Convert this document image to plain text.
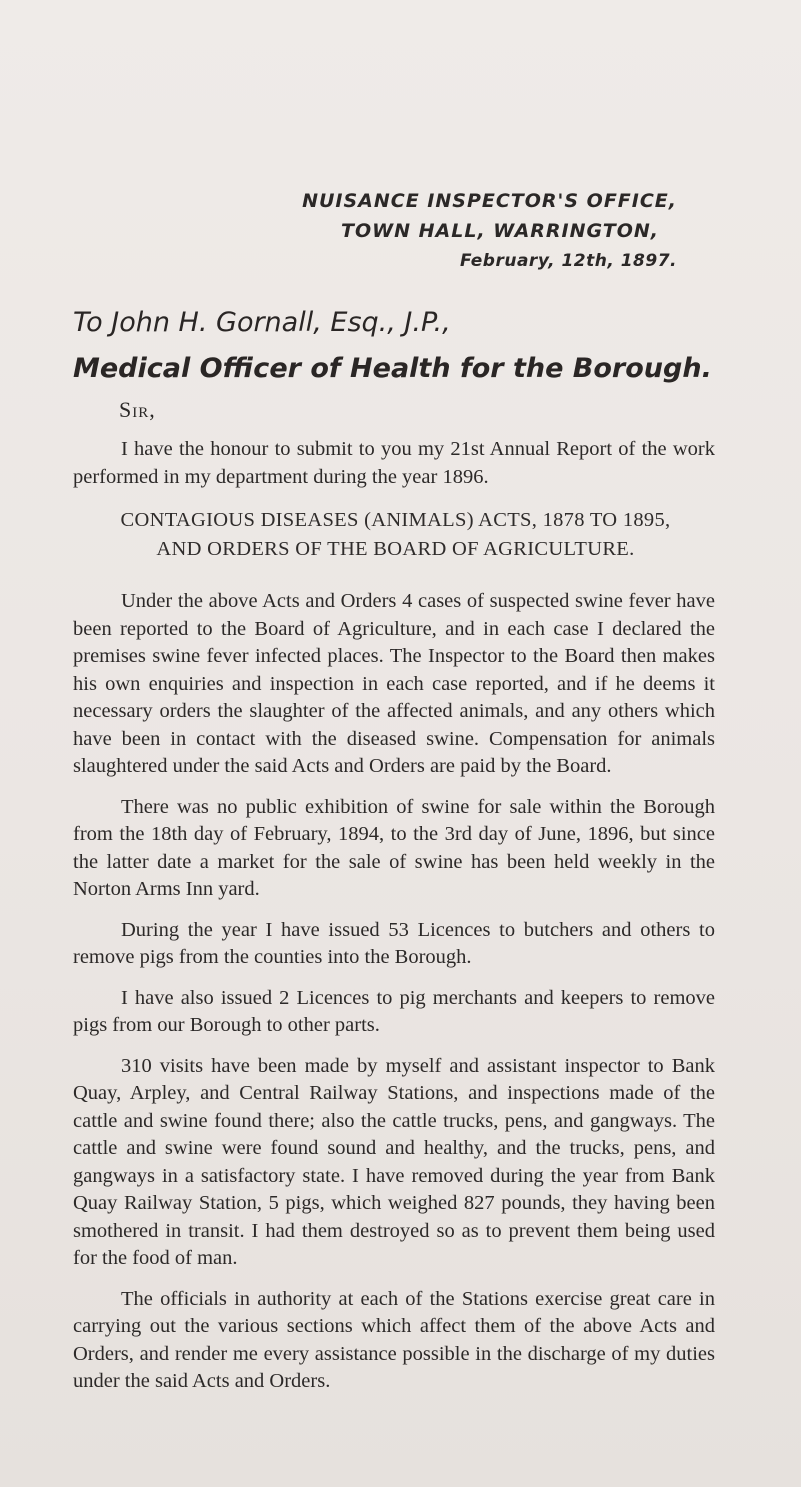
NUISANCE INSPECTOR'S OFFICE,
TOWN HALL, WARRINGTON,
February, 12th, 1897.
To John H. Gornall, Esq., J.P.,
Medical Officer of Health for the Borough.
Sir,

I have the honour to submit to you my 21st Annual Report of the work performed in my department during the year 1896.

CONTAGIOUS DISEASES (ANIMALS) ACTS, 1878 TO 1895,
AND ORDERS OF THE BOARD OF AGRICULTURE.

Under the above Acts and Orders 4 cases of suspected swine fever have been reported to the Board of Agriculture, and in each case I declared the premises swine fever infected places. The Inspector to the Board then makes his own enquiries and inspection in each case reported, and if he deems it necessary orders the slaughter of the affected animals, and any others which have been in contact with the diseased swine. Compensation for animals slaughtered under the said Acts and Orders are paid by the Board.

There was no public exhibition of swine for sale within the Borough from the 18th day of February, 1894, to the 3rd day of June, 1896, but since the latter date a market for the sale of swine has been held weekly in the Norton Arms Inn yard.

During the year I have issued 53 Licences to butchers and others to remove pigs from the counties into the Borough.

I have also issued 2 Licences to pig merchants and keepers to remove pigs from our Borough to other parts.

310 visits have been made by myself and assistant inspector to Bank Quay, Arpley, and Central Railway Stations, and inspections made of the cattle and swine found there; also the cattle trucks, pens, and gangways. The cattle and swine were found sound and healthy, and the trucks, pens, and gangways in a satisfactory state. I have removed during the year from Bank Quay Railway Station, 5 pigs, which weighed 827 pounds, they having been smothered in transit. I had them destroyed so as to prevent them being used for the food of man.

The officials in authority at each of the Stations exercise great care in carrying out the various sections which affect them of the above Acts and Orders, and render me every assistance possible in the discharge of my duties under the said Acts and Orders.
